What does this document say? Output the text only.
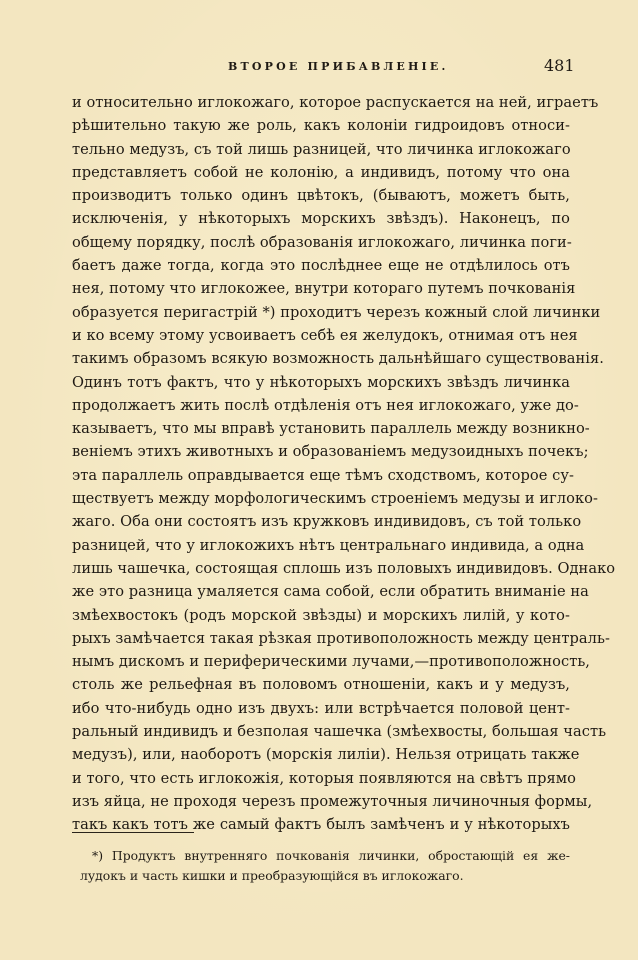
ВТОРОЕ ПРИБАВЛЕНІЕ.	481
и относительно иглокожаго, которое распускается на ней, играетъ
рѣшительно такую же роль, какъ колоніи гидроидовъ относи-
тельно медузъ, съ той лишь разницей, что личинка иглокожаго
представляетъ собой не колонію, а индивидъ, потому что она
производитъ только одинъ цвѣтокъ, (бываютъ, можетъ быть,
исключенія, у нѣкоторыхъ морскихъ звѣздъ). Наконецъ, по
общему порядку, послѣ образованія иглокожаго, личинка поги-
баетъ даже тогда, когда это послѣднее еще не отдѣлилось отъ
нея, потому что иглокожее, внутри котораго путемъ почкованія
образуется перигастрій *) проходитъ черезъ кожный слой личинки
и ко всему этому усвоиваетъ себѣ ея желудокъ, отнимая отъ нея
такимъ образомъ всякую возможность дальнѣйшаго существованія.
Одинъ тотъ фактъ, что у нѣкоторыхъ морскихъ звѣздъ личинка
продолжаетъ жить послѣ отдѣленія отъ нея иглокожаго, уже до-
казываетъ, что мы вправѣ установить параллель между возникно-
веніемъ этихъ животныхъ и образованіемъ медузоидныхъ почекъ;
эта параллель оправдывается еще тѣмъ сходствомъ, которое су-
ществуетъ между морфологическимъ строеніемъ медузы и иглоко-
жаго. Оба они состоятъ изъ кружковъ индивидовъ, съ той только
разницей, что у иглокожихъ нѣтъ центральнаго индивида, а одна
лишь чашечка, состоящая сплошь изъ половыхъ индивидовъ. Однако
же это разница умаляется сама собой, если обратить вниманіе на
змѣехвостокъ (родъ морской звѣзды) и морскихъ лилій, у кото-
рыхъ замѣчается такая рѣзкая противоположность между централь-
нымъ дискомъ и периферическими лучами,—противоположность,
столь же рельефная въ половомъ отношеніи, какъ и у медузъ,
ибо что-нибудь одно изъ двухъ: или встрѣчается половой цент-
ральный индивидъ и безполая чашечка (змѣехвосты, большая часть
медузъ), или, наоборотъ (морскія лиліи). Нельзя отрицать также
и того, что есть иглокожія, которыя появляются на свѣтъ прямо
изъ яйца, не проходя черезъ промежуточныя личиночныя формы,
такъ какъ тотъ же самый фактъ былъ замѣченъ и у нѣкоторыхъ
*) Продуктъ внутренняго почкованія личинки, обростающій ея же-
лудокъ и часть кишки и преобразующійся въ иглокожаго.
